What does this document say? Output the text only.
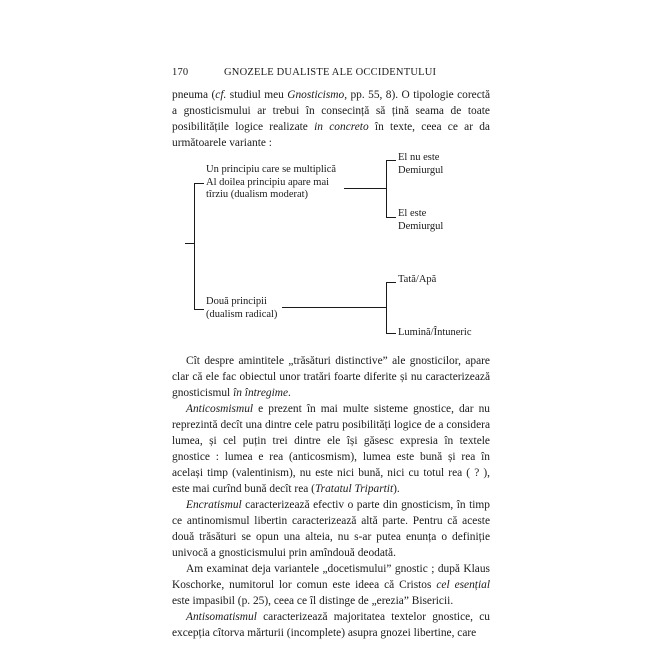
170	GNOZELE DUALISTE ALE OCCIDENTULUI

pneuma (cf. studiul meu Gnosticismo, pp. 55, 8). O tipologie corectă a gnosticismului ar trebui în consecință să țină seama de toate posibilitățile logice realizate in concreto în texte, ceea ce ar da următoarele variante :

Un principiu care se multiplică
Al doilea principiu apare mai
tîrziu (dualism moderat)
El nu este
Demiurgul
El este
Demiurgul
Două principii
(dualism radical)
Tată/Apă
Lumină/Întuneric

Cît despre amintitele „trăsături distinctive” ale gnosticilor, apare clar că ele fac obiectul unor tratări foarte diferite și nu caracterizează gnosticismul în întregime.

Anticosmismul e prezent în mai multe sisteme gnostice, dar nu reprezintă decît una dintre cele patru posibilități logice de a considera lumea, și cel puțin trei dintre ele își găsesc expresia în textele gnostice : lumea e rea (anticosmism), lumea este bună și rea în același timp (valentinism), nu este nici bună, nici cu totul rea ( ? ), este mai curînd bună decît rea (Tratatul Tripartit).

Encratismul caracterizează efectiv o parte din gnosticism, în timp ce antinomismul libertin caracterizează altă parte. Pentru că aceste două trăsături se opun una alteia, nu s-ar putea enunța o definiție univocă a gnosticismului prin amîndouă deodată.

Am examinat deja variantele „docetismului” gnostic ; după Klaus Koschorke, numitorul lor comun este ideea că Cristos cel esențial este impasibil (p. 25), ceea ce îl distinge de „erezia” Bisericii.

Antisomatismul caracterizează majoritatea textelor gnostice, cu excepția cîtorva mărturii (incomplete) asupra gnozei libertine, care
